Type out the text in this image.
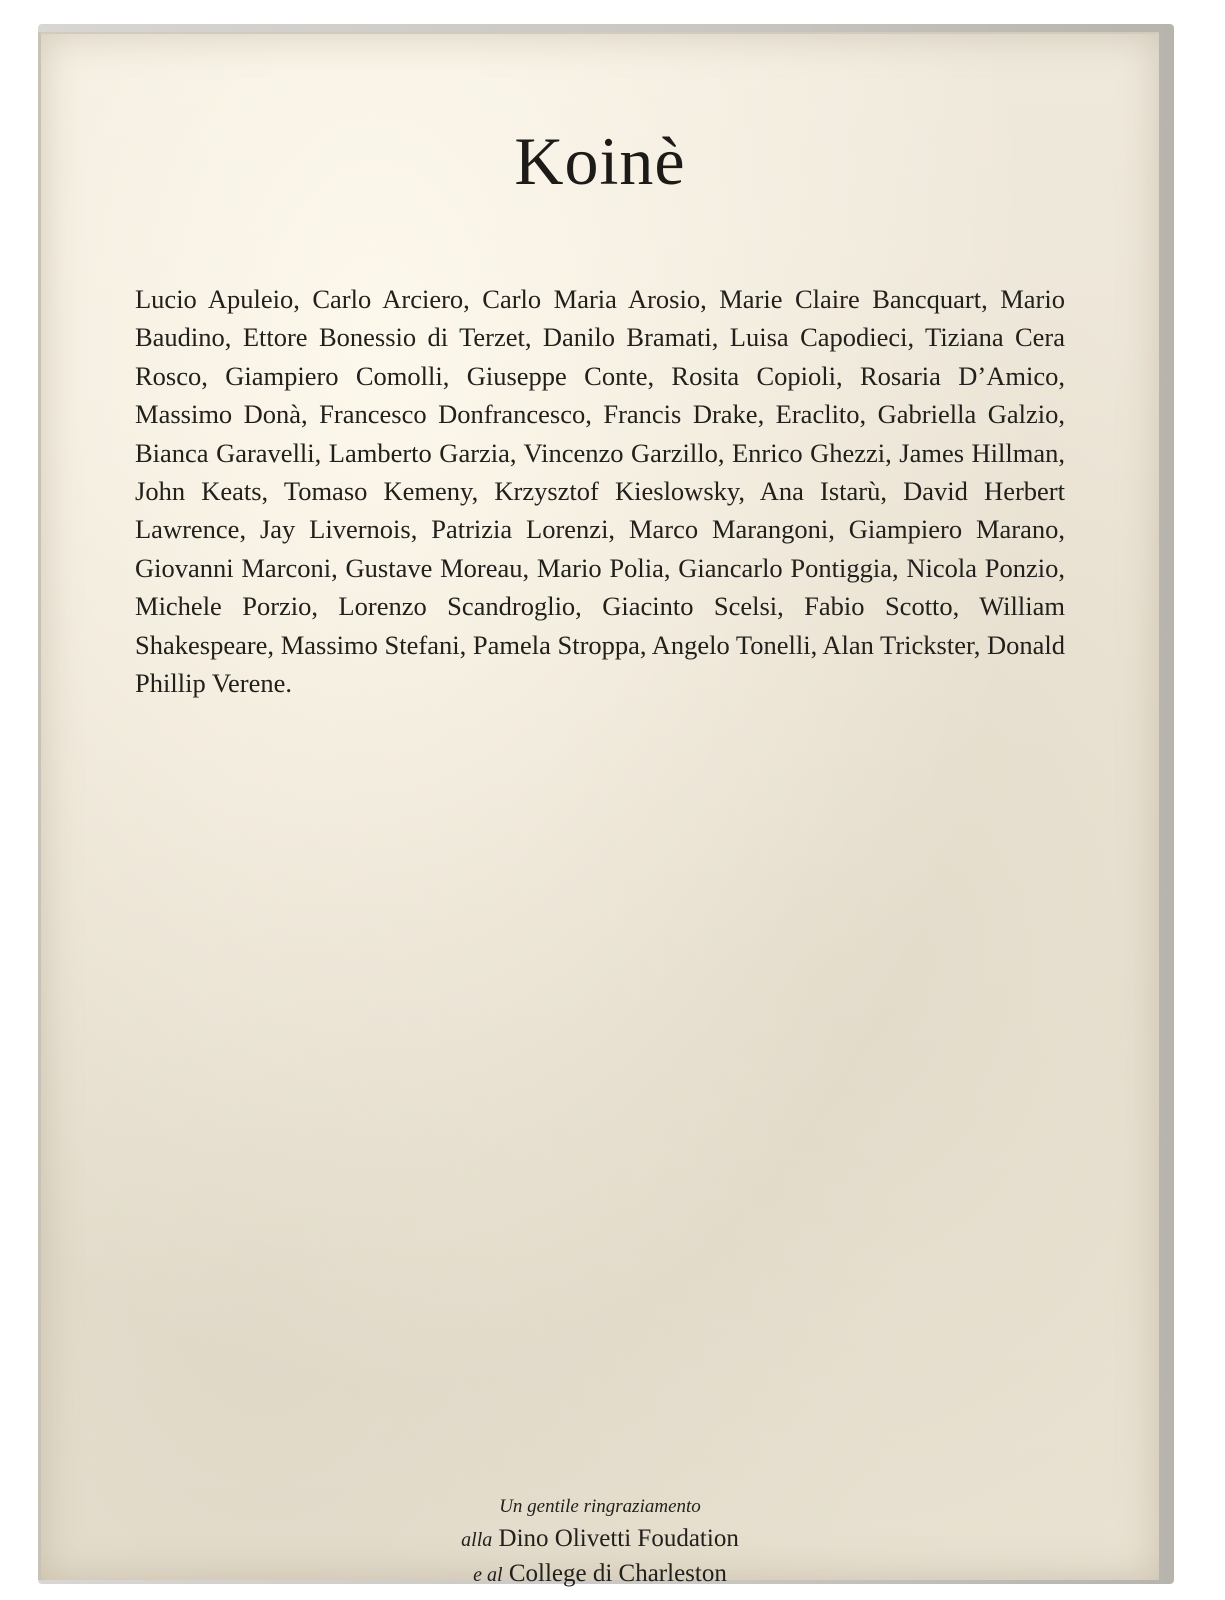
Koinè

Lucio Apuleio, Carlo Arciero, Carlo Maria Arosio, Marie Claire Bancquart, Mario Baudino, Ettore Bonessio di Terzet, Danilo Bramati, Luisa Capodieci, Tiziana Cera Rosco, Giampiero Comolli, Giuseppe Conte, Rosita Copioli, Rosaria D’Amico, Massimo Donà, Francesco Donfrancesco, Francis Drake, Eraclito, Gabriella Galzio, Bianca Garavelli, Lamberto Garzia, Vincenzo Garzillo, Enrico Ghezzi, James Hillman, John Keats, Tomaso Kemeny, Krzysztof Kieslowsky, Ana Istarù, David Herbert Lawrence, Jay Livernois, Patrizia Lorenzi, Marco Marangoni, Giampiero Marano, Giovanni Marconi, Gustave Moreau, Mario Polia, Giancarlo Pontiggia, Nicola Ponzio, Michele Porzio, Lorenzo Scandroglio, Giacinto Scelsi, Fabio Scotto, William Shakespeare, Massimo Stefani, Pamela Stroppa, Angelo Tonelli, Alan Trickster, Donald Phillip Verene.

Un gentile ringraziamento
alla Dino Olivetti Foudation
e al College di Charleston
